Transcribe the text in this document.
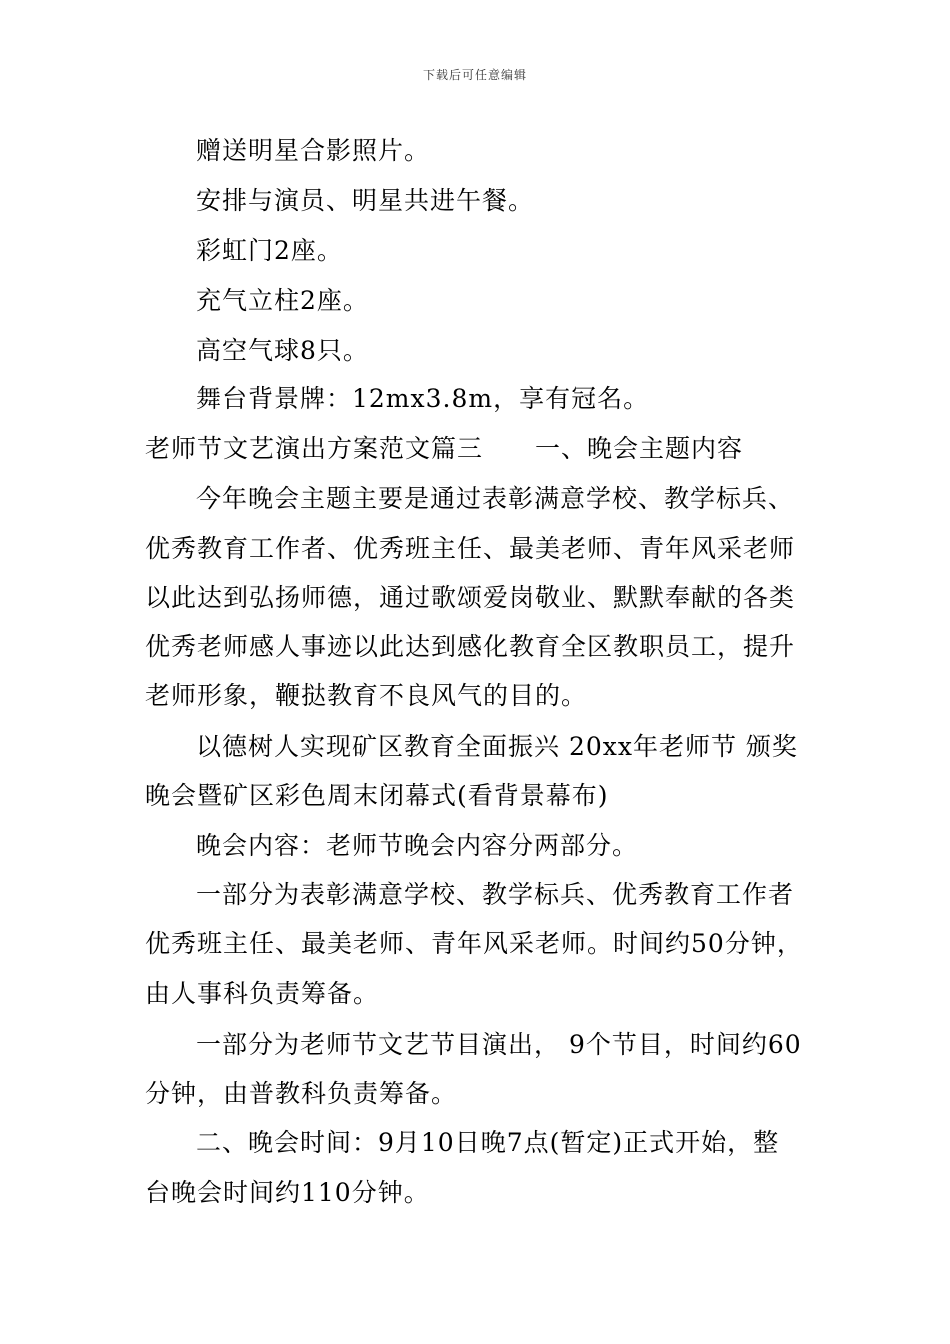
下载后可任意编辑
赠送明星合影照片。
安排与演员、明星共进午餐。
彩虹门2座。
充气立柱2座。
高空气球8只。
舞台背景牌：12mx3.8m，享有冠名。
老师节文艺演出方案范文篇三　　一、晚会主题内容
今年晚会主题主要是通过表彰满意学校、教学标兵、
优秀教育工作者、优秀班主任、最美老师、青年风采老师
以此达到弘扬师德，通过歌颂爱岗敬业、默默奉献的各类
优秀老师感人事迹以此达到感化教育全区教职员工，提升
老师形象，鞭挞教育不良风气的目的。
以德树人实现矿区教育全面振兴 20xx年老师节 颁奖
晚会暨矿区彩色周末闭幕式(看背景幕布)
晚会内容：老师节晚会内容分两部分。
一部分为表彰满意学校、教学标兵、优秀教育工作者
优秀班主任、最美老师、青年风采老师。时间约50分钟，
由人事科负责筹备。
一部分为老师节文艺节目演出， 9个节目，时间约60
分钟，由普教科负责筹备。
二、晚会时间：9月10日晚7点(暂定)正式开始，整
台晚会时间约110分钟。
